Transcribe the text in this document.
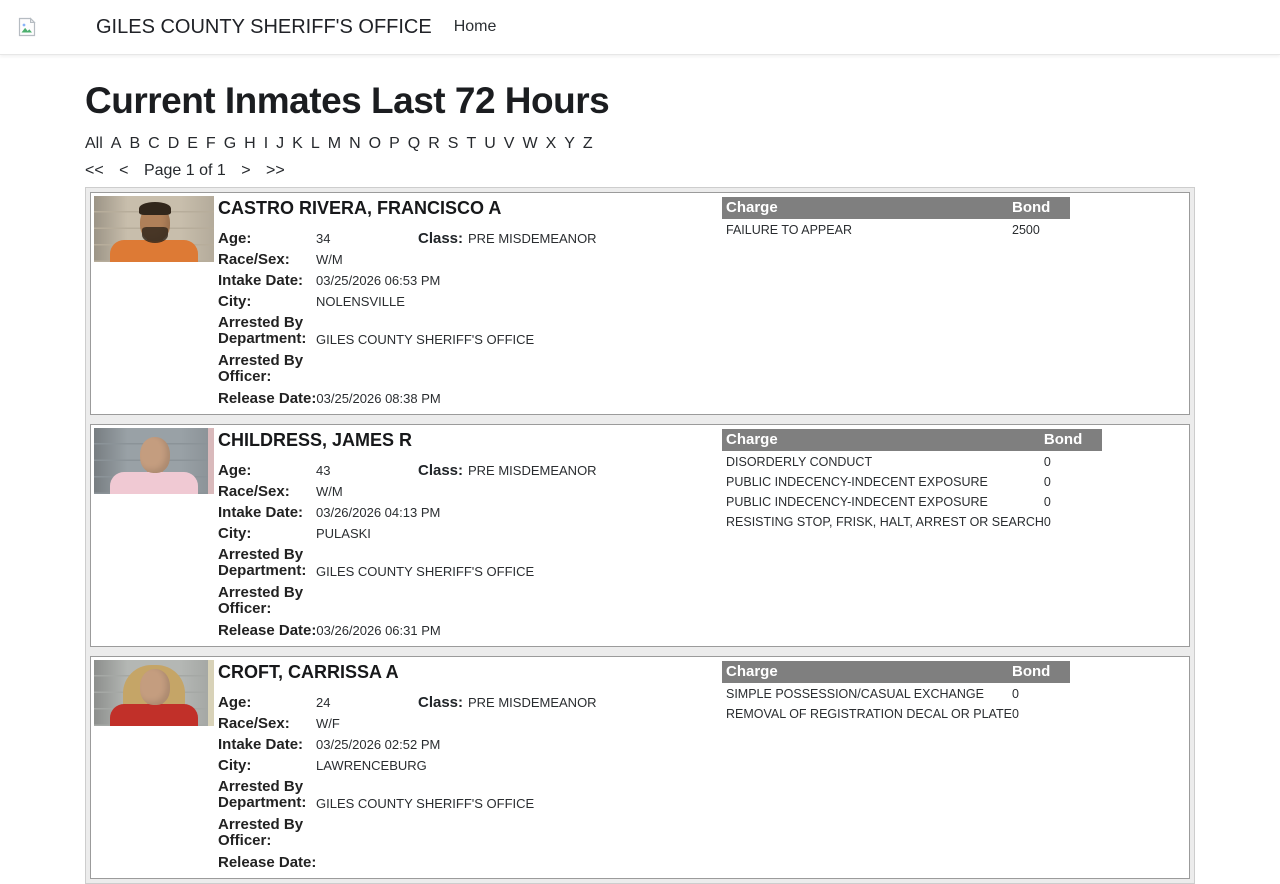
GILES COUNTY SHERIFF'S OFFICE Home
Current Inmates Last 72 Hours
All A B C D E F G H I J K L M N O P Q R S T U V W X Y Z
<< < Page 1 of 1 > >>
CASTRO RIVERA, FRANCISCO A
Age:	34	Class: PRE MISDEMEANOR
Race/Sex:	W/M
Intake Date: 03/25/2026 06:53 PM
City:	NOLENSVILLE
Arrested By
Department: GILES COUNTY SHERIFF'S OFFICE
Arrested By
Officer:
Release Date: 03/25/2026 08:38 PM
Charge	Bond
FAILURE TO APPEAR	2500
CHILDRESS, JAMES R
Age:	43	Class: PRE MISDEMEANOR
Race/Sex:	W/M
Intake Date: 03/26/2026 04:13 PM
City:	PULASKI
Arrested By
Department: GILES COUNTY SHERIFF'S OFFICE
Arrested By
Officer:
Release Date: 03/26/2026 06:31 PM
Charge	Bond
DISORDERLY CONDUCT	0
PUBLIC INDECENCY-INDECENT EXPOSURE	0
PUBLIC INDECENCY-INDECENT EXPOSURE	0
RESISTING STOP, FRISK, HALT, ARREST OR SEARCH 0
CROFT, CARRISSA A
Age:	24	Class: PRE MISDEMEANOR
Race/Sex:	W/F
Intake Date: 03/25/2026 02:52 PM
City:	LAWRENCEBURG
Arrested By
Department: GILES COUNTY SHERIFF'S OFFICE
Arrested By
Officer:
Release Date:
Charge	Bond
SIMPLE POSSESSION/CASUAL EXCHANGE	0
REMOVAL OF REGISTRATION DECAL OR PLATE 0
